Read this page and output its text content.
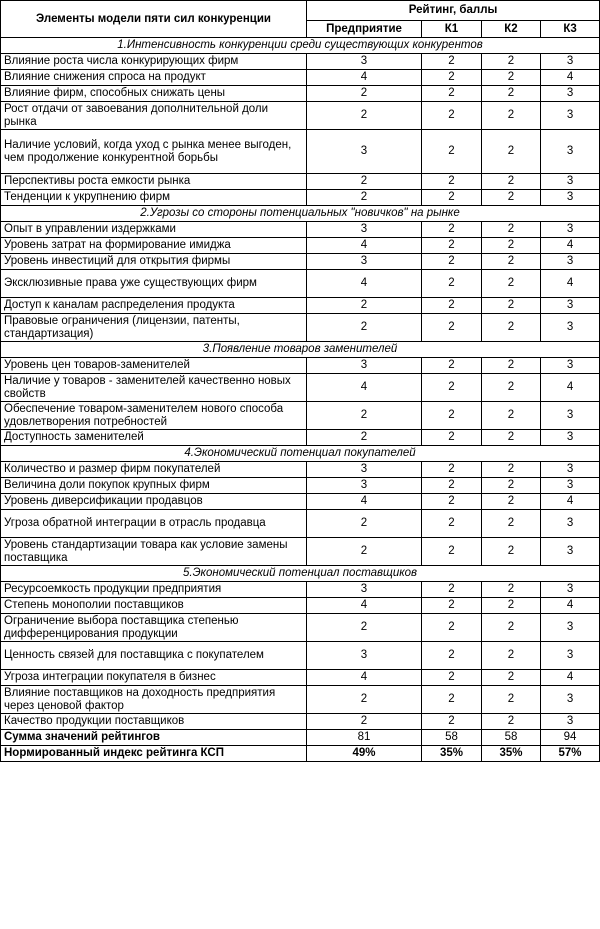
Элементы модели пяти сил конкуренции	Рейтинг, баллы			
	Предприятие	К1	К2	К3
1.Интенсивность конкуренции среди существующих конкурентов				
Влияние роста числа конкурирующих фирм	3	2	2	3
Влияние снижения спроса на продукт	4	2	2	4
Влияние фирм, способных снижать цены	2	2	2	3
Рост отдачи от завоевания дополнительной доли рынка	2	2	2	3
Наличие условий, когда уход с рынка менее выгоден, чем продолжение конкурентной борьбы	3	2	2	3
Перспективы роста емкости рынка	2	2	2	3
Тенденции к укрупнению фирм	2	2	2	3
2.Угрозы со стороны потенциальных "новичков" на рынке				
Опыт в управлении издержками	3	2	2	3
Уровень затрат на формирование имиджа	4	2	2	4
Уровень инвестиций для открытия фирмы	3	2	2	3
Эксклюзивные права уже существующих фирм	4	2	2	4
Доступ к каналам распределения продукта	2	2	2	3
Правовые ограничения (лицензии, патенты, стандартизация)	2	2	2	3
3.Появление товаров заменителей				
Уровень цен товаров-заменителей	3	2	2	3
Наличие у товаров - заменителей качественно новых свойств	4	2	2	4
Обеспечение товаром-заменителем нового способа удовлетворения потребностей	2	2	2	3
Доступность заменителей	2	2	2	3
4.Экономический потенциал покупателей				
Количество и размер фирм покупателей	3	2	2	3
Величина доли покупок крупных фирм	3	2	2	3
Уровень диверсификации продавцов	4	2	2	4
Угроза обратной интеграции в отрасль продавца	2	2	2	3
Уровень стандартизации товара как условие замены поставщика	2	2	2	3
5.Экономический потенциал поставщиков				
Ресурсоемкость продукции предприятия	3	2	2	3
Степень монополии поставщиков	4	2	2	4
Ограничение выбора поставщика степенью дифференцирования продукции	2	2	2	3
Ценность связей для поставщика с покупателем	3	2	2	3
Угроза интеграции покупателя в бизнес	4	2	2	4
Влияние поставщиков на доходность предприятия через ценовой фактор	2	2	2	3
Качество продукции поставщиков	2	2	2	3
Сумма значений рейтингов	81	58	58	94
Нормированный индекс рейтинга КСП	49%	35%	35%	57%
